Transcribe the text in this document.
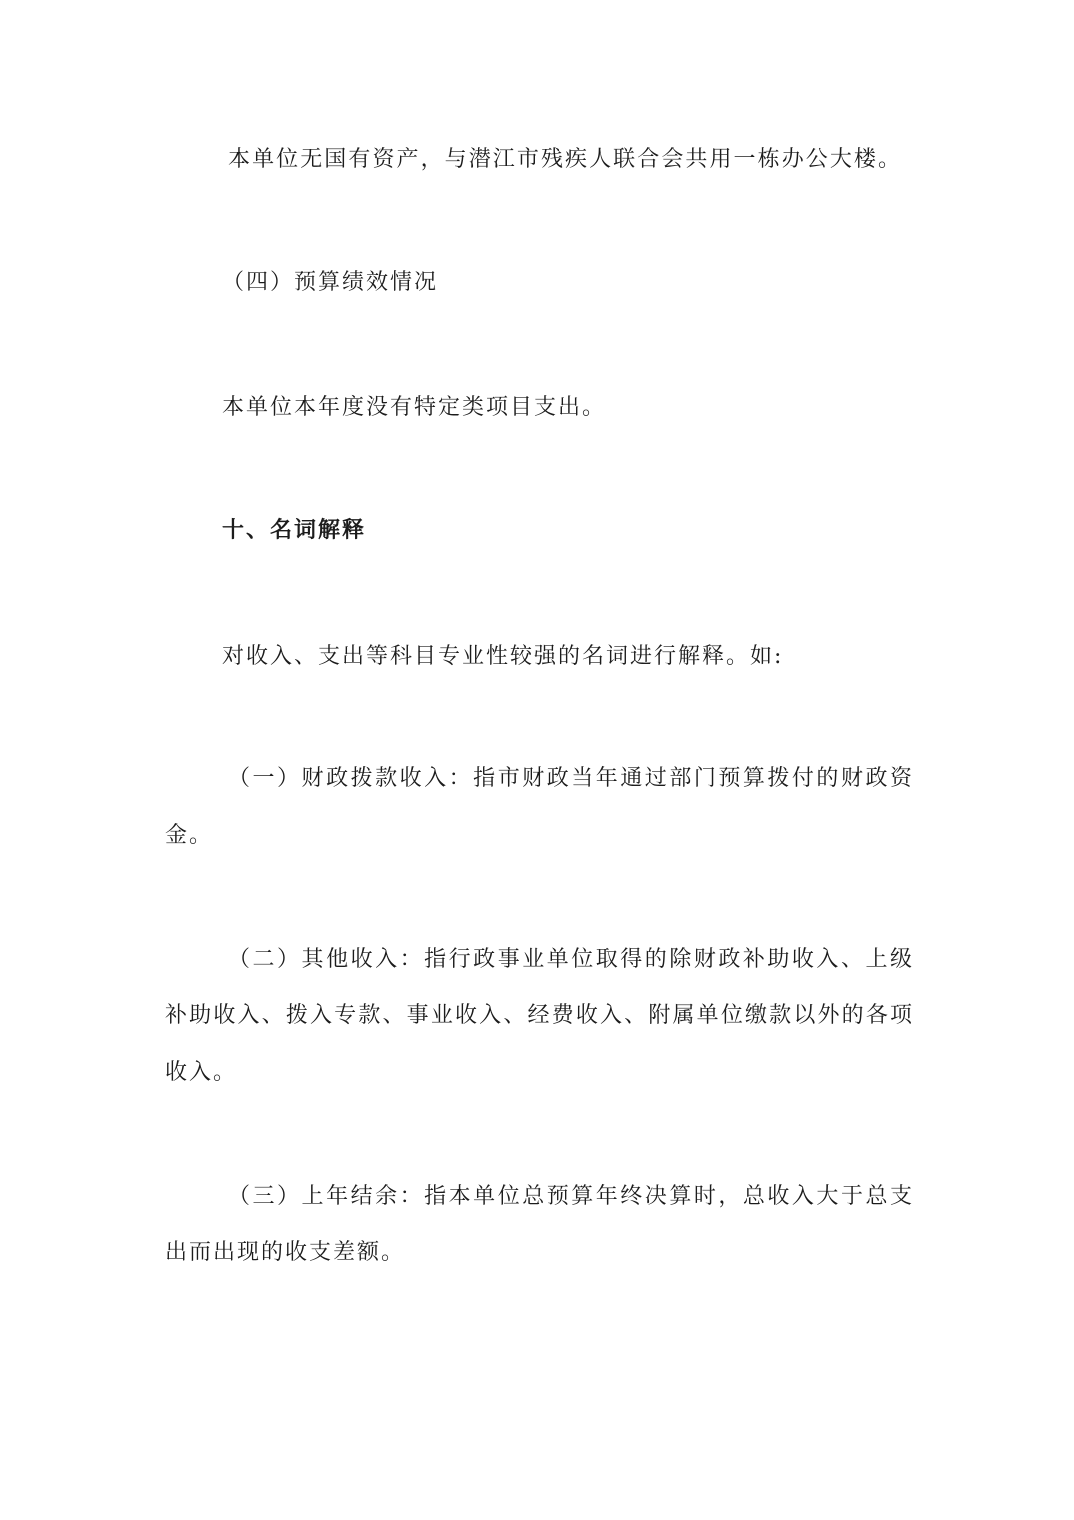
本单位无国有资产，与潜江市残疾人联合会共用一栋办公大楼。
（四）预算绩效情况
本单位本年度没有特定类项目支出。
十、名词解释
对收入、支出等科目专业性较强的名词进行解释。如:
（一）财政拨款收入：指市财政当年通过部门预算拨付的财政资
金。
（二）其他收入：指行政事业单位取得的除财政补助收入、上级
补助收入、拨入专款、事业收入、经费收入、附属单位缴款以外的各项
收入。
（三）上年结余：指本单位总预算年终决算时，总收入大于总支
出而出现的收支差额。
